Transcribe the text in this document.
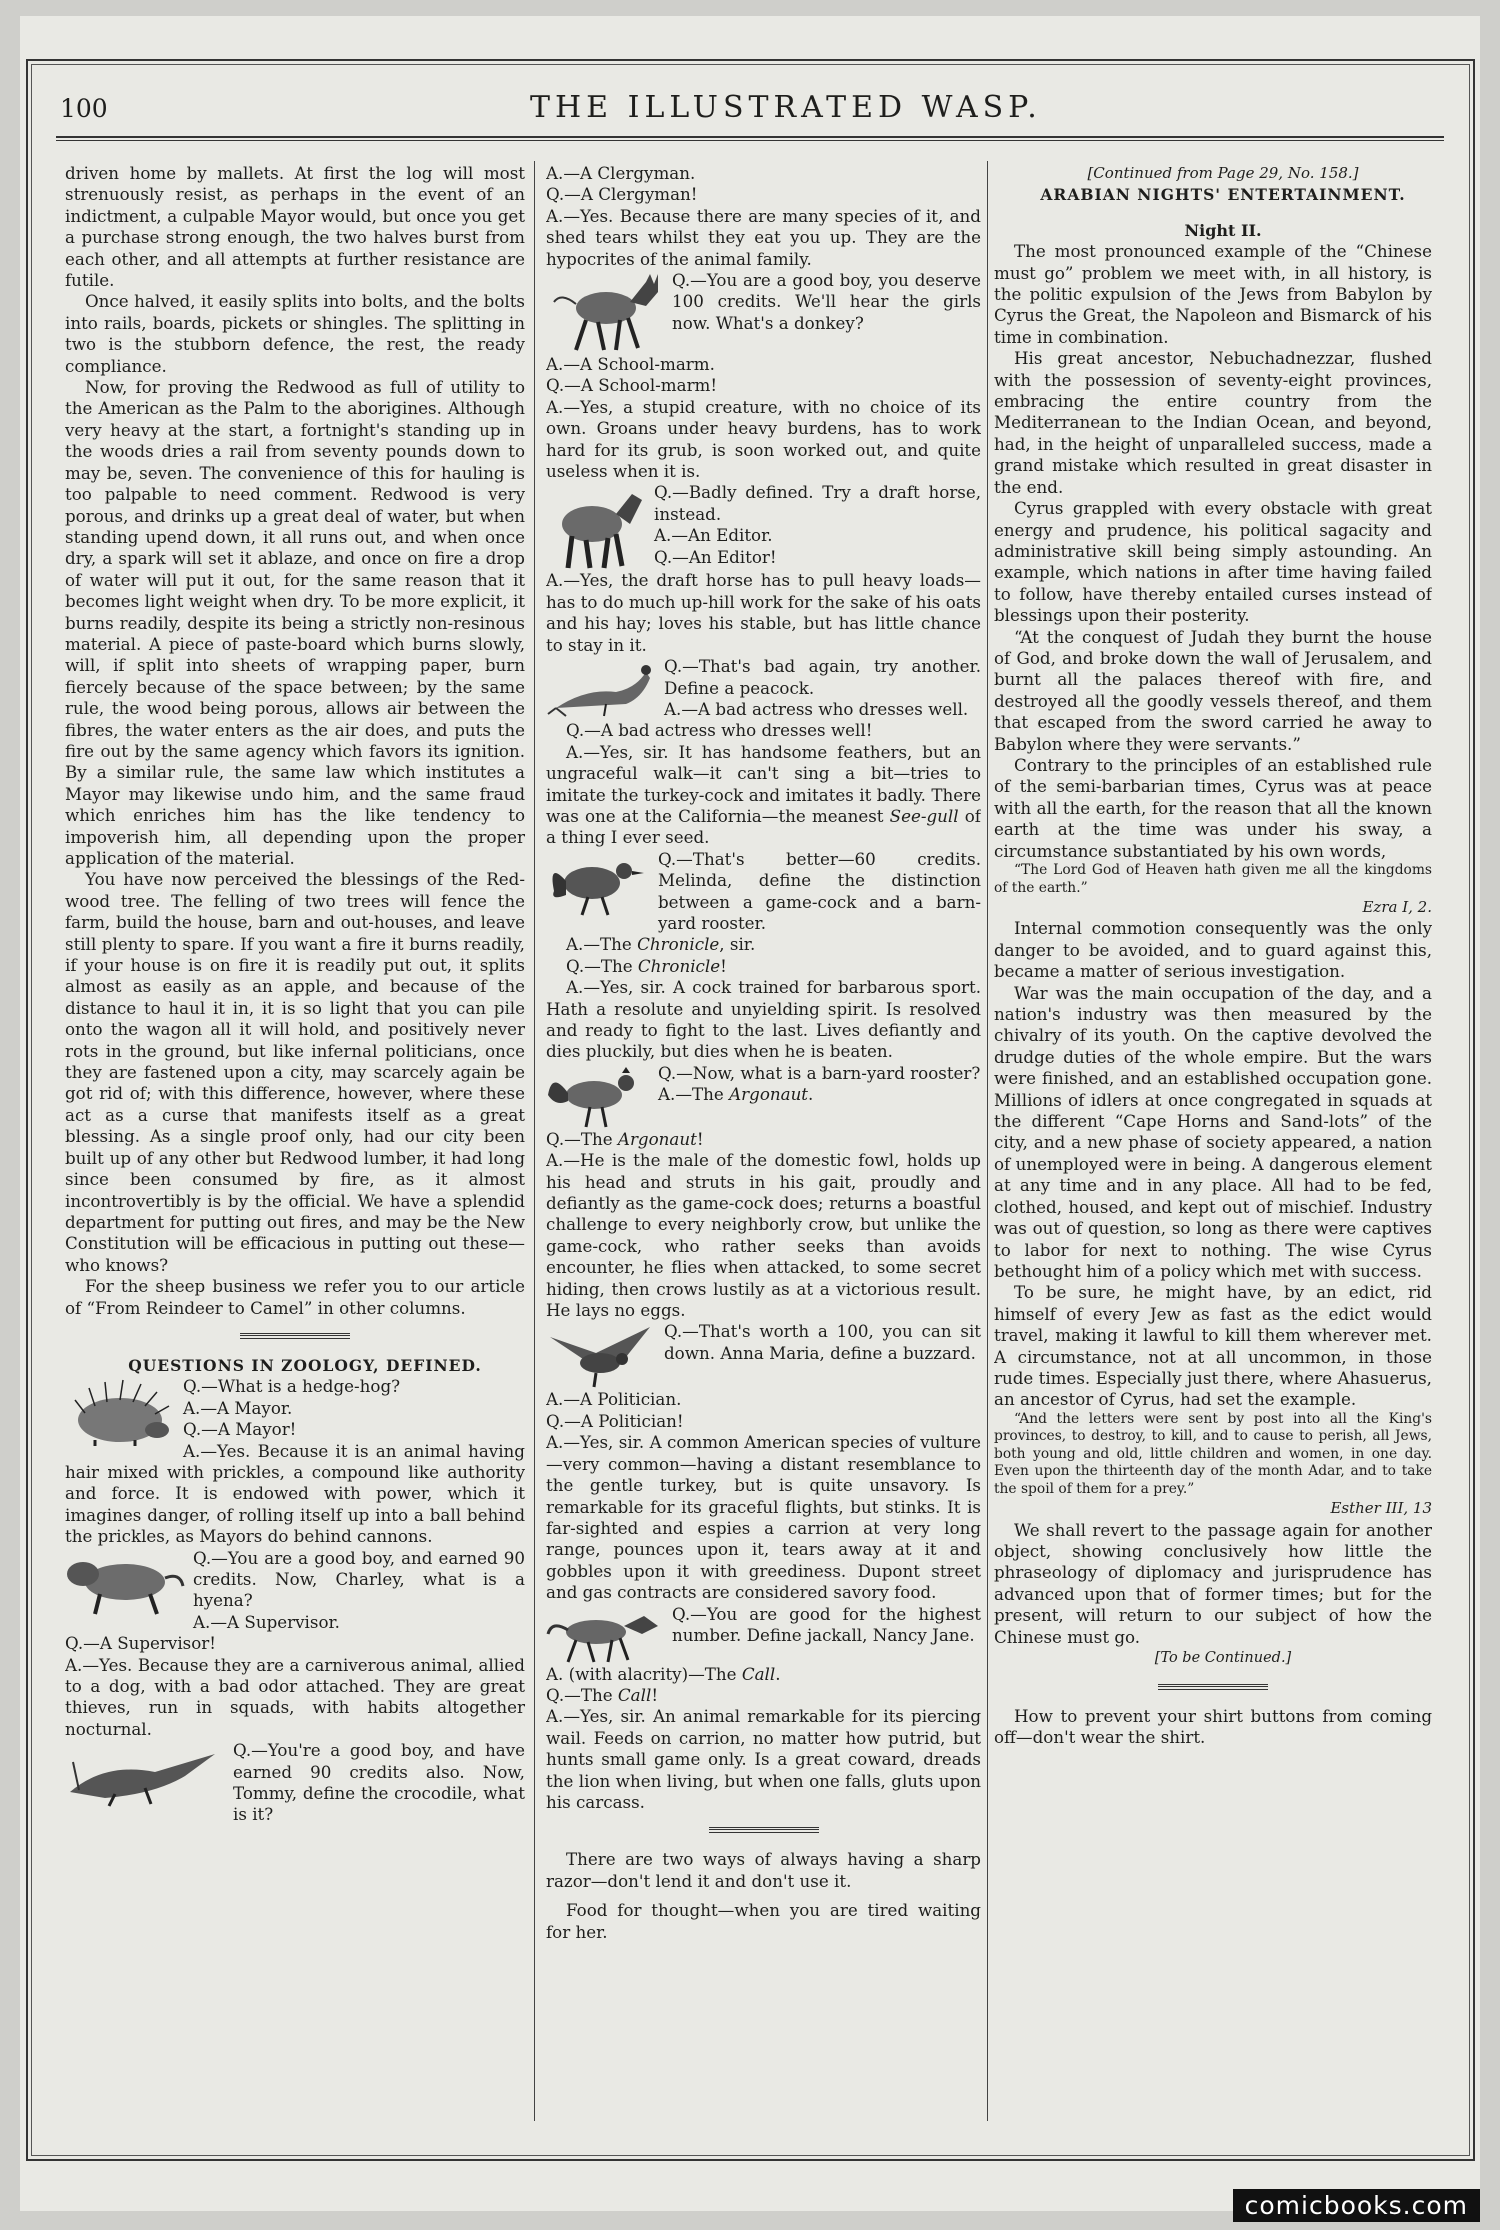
100	THE ILLUSTRATED WASP.

driven home by mallets. At first the log will most strenuously resist, as perhaps in the event of an indictment, a culpable Mayor would, but once you get a purchase strong enough, the two halves burst from each other, and all attempts at further resistance are futile.

Once halved, it easily splits into bolts, and the bolts into rails, boards, pickets or shingles. The splitting in two is the stubborn defence, the rest, the ready compliance.

Now, for proving the Redwood as full of utility to the American as the Palm to the aborigines. Although very heavy at the start, a fortnight's standing up in the woods dries a rail from seventy pounds down to may be, seven. The convenience of this for hauling is too palpable to need comment. Redwood is very porous, and drinks up a great deal of water, but when standing upend down, it all runs out, and when once dry, a spark will set it ablaze, and once on fire a drop of water will put it out, for the same reason that it becomes light weight when dry. To be more explicit, it burns readily, despite its being a strictly non-resinous material. A piece of paste-board which burns slowly, will, if split into sheets of wrapping paper, burn fiercely because of the space between; by the same rule, the wood being porous, allows air between the fibres, the water enters as the air does, and puts the fire out by the same agency which favors its ignition. By a similar rule, the same law which institutes a Mayor may likewise undo him, and the same fraud which enriches him has the like tendency to impoverish him, all depending upon the proper application of the material.

You have now perceived the blessings of the Red-wood tree. The felling of two trees will fence the farm, build the house, barn and out-houses, and leave still plenty to spare. If you want a fire it burns readily, if your house is on fire it is readily put out, it splits almost as easily as an apple, and because of the distance to haul it in, it is so light that you can pile onto the wagon all it will hold, and positively never rots in the ground, but like infernal politicians, once they are fastened upon a city, may scarcely again be got rid of; with this difference, however, where these act as a curse that manifests itself as a great blessing. As a single proof only, had our city been built up of any other but Redwood lumber, it had long since been consumed by fire, as it almost incontrovertibly is by the official. We have a splendid department for putting out fires, and may be the New Constitution will be efficacious in putting out these—who knows?

For the sheep business we refer you to our article of “From Reindeer to Camel” in other columns.

QUESTIONS IN ZOOLOGY, DEFINED.

Q.—What is a hedge-hog?

A.—A Mayor.

Q.—A Mayor!

A.—Yes. Because it is an animal having hair mixed with prickles, a compound like authority and force. It is endowed with power, which it imagines danger, of rolling itself up into a ball behind the prickles, as Mayors do behind cannons.

Q.—You are a good boy, and earned 90 credits. Now, Charley, what is a hyena?

A.—A Supervisor.

Q.—A Supervisor!

A.—Yes. Because they are a carniverous animal, allied to a dog, with a bad odor attached. They are great thieves, run in squads, with habits altogether nocturnal.

Q.—You're a good boy, and have earned 90 credits also. Now, Tommy, define the crocodile, what is it?

A.—A Clergyman.

Q.—A Clergyman!

A.—Yes. Because there are many species of it, and shed tears whilst they eat you up. They are the hypocrites of the animal family.

Q.—You are a good boy, you deserve 100 credits. We'll hear the girls now. What's a donkey?

A.—A School-marm.

Q.—A School-marm!

A.—Yes, a stupid creature, with no choice of its own. Groans under heavy burdens, has to work hard for its grub, is soon worked out, and quite useless when it is.

Q.—Badly defined. Try a draft horse, instead.

A.—An Editor.

Q.—An Editor!

A.—Yes, the draft horse has to pull heavy loads—has to do much up-hill work for the sake of his oats and his hay; loves his stable, but has little chance to stay in it.

Q.—That's bad again, try another. Define a peacock.

A.—A bad actress who dresses well.

Q.—A bad actress who dresses well!

A.—Yes, sir. It has handsome feathers, but an ungraceful walk—it can't sing a bit—tries to imitate the turkey-cock and imitates it badly. There was one at the California—the meanest See-gull of a thing I ever seed.

Q.—That's better—60 credits. Melinda, define the distinction between a game-cock and a barn-yard rooster.

A.—The Chronicle, sir.

Q.—The Chronicle!

A.—Yes, sir. A cock trained for barbarous sport. Hath a resolute and unyielding spirit. Is resolved and ready to fight to the last. Lives defiantly and dies pluckily, but dies when he is beaten.

Q.—Now, what is a barn-yard rooster?

A.—The Argonaut.

Q.—The Argonaut!

A.—He is the male of the domestic fowl, holds up his head and struts in his gait, proudly and defiantly as the game-cock does; returns a boastful challenge to every neighborly crow, but unlike the game-cock, who rather seeks than avoids encounter, he flies when attacked, to some secret hiding, then crows lustily as at a victorious result. He lays no eggs.

Q.—That's worth a 100, you can sit down. Anna Maria, define a buzzard.

A.—A Politician.

Q.—A Politician!

A.—Yes, sir. A common American species of vulture—very common—having a distant resemblance to the gentle turkey, but is quite unsavory. Is remarkable for its graceful flights, but stinks. It is far-sighted and espies a carrion at very long range, pounces upon it, tears away at it and gobbles upon it with greediness. Dupont street and gas contracts are considered savory food.

Q.—You are good for the highest number. Define jackall, Nancy Jane.

A. (with alacrity)—The Call.

Q.—The Call!

A.—Yes, sir. An animal remarkable for its piercing wail. Feeds on carrion, no matter how putrid, but hunts small game only. Is a great coward, dreads the lion when living, but when one falls, gluts upon his carcass.

There are two ways of always having a sharp razor—don't lend it and don't use it.

Food for thought—when you are tired waiting for her.

[Continued from Page 29, No. 158.]

ARABIAN NIGHTS' ENTERTAINMENT.

Night II.

The most pronounced example of the “Chinese must go” problem we meet with, in all history, is the politic expulsion of the Jews from Babylon by Cyrus the Great, the Napoleon and Bismarck of his time in combination.

His great ancestor, Nebuchadnezzar, flushed with the possession of seventy-eight provinces, embracing the entire country from the Mediterranean to the Indian Ocean, and beyond, had, in the height of unparalleled success, made a grand mistake which resulted in great disaster in the end.

Cyrus grappled with every obstacle with great energy and prudence, his political sagacity and administrative skill being simply astounding. An example, which nations in after time having failed to follow, have thereby entailed curses instead of blessings upon their posterity.

“At the conquest of Judah they burnt the house of God, and broke down the wall of Jerusalem, and burnt all the palaces thereof with fire, and destroyed all the goodly vessels thereof, and them that escaped from the sword carried he away to Babylon where they were servants.”

Contrary to the principles of an established rule of the semi-barbarian times, Cyrus was at peace with all the earth, for the reason that all the known earth at the time was under his sway, a circumstance substantiated by his own words,

“The Lord God of Heaven hath given me all the kingdoms of the earth.”

Ezra I, 2.

Internal commotion consequently was the only danger to be avoided, and to guard against this, became a matter of serious investigation.

War was the main occupation of the day, and a nation's industry was then measured by the chivalry of its youth. On the captive devolved the drudge duties of the whole empire. But the wars were finished, and an established occupation gone. Millions of idlers at once congregated in squads at the different “Cape Horns and Sand-lots” of the city, and a new phase of society appeared, a nation of unemployed were in being. A dangerous element at any time and in any place. All had to be fed, clothed, housed, and kept out of mischief. Industry was out of question, so long as there were captives to labor for next to nothing. The wise Cyrus bethought him of a policy which met with success.

To be sure, he might have, by an edict, rid himself of every Jew as fast as the edict would travel, making it lawful to kill them wherever met. A circumstance, not at all uncommon, in those rude times. Especially just there, where Ahasuerus, an ancestor of Cyrus, had set the example.

“And the letters were sent by post into all the King's provinces, to destroy, to kill, and to cause to perish, all Jews, both young and old, little children and women, in one day. Even upon the thirteenth day of the month Adar, and to take the spoil of them for a prey.”

Esther III, 13

We shall revert to the passage again for another object, showing conclusively how little the phraseology of diplomacy and jurisprudence has advanced upon that of former times; but for the present, will return to our subject of how the Chinese must go.

[To be Continued.]

How to prevent your shirt buttons from coming off—don't wear the shirt.

comicbooks.com
